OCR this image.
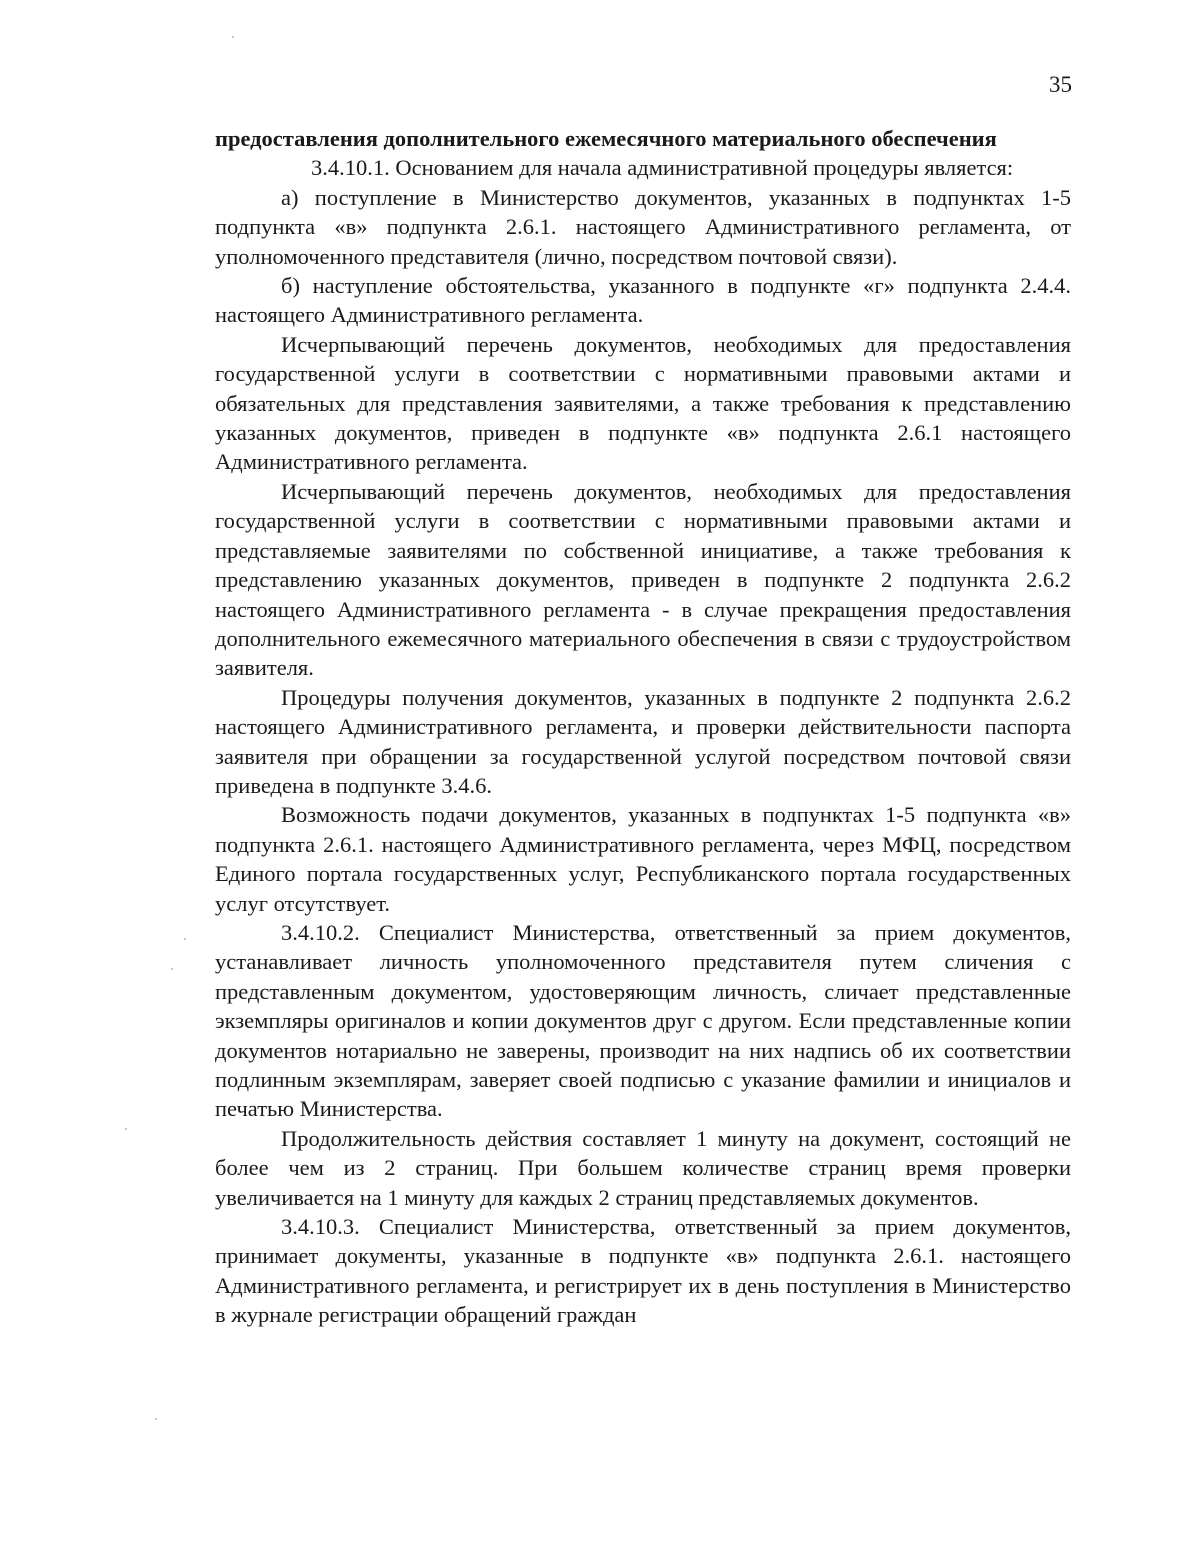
35

предоставления дополнительного ежемесячного материального обеспечения

3.4.10.1. Основанием для начала административной процедуры является:

а) поступление в Министерство документов, указанных в подпунктах 1-5 подпункта «в» подпункта 2.6.1. настоящего Административного регламента, от уполномоченного представителя (лично, посредством почтовой связи).

б) наступление обстоятельства, указанного в подпункте «г» подпункта 2.4.4. настоящего Административного регламента.

Исчерпывающий перечень документов, необходимых для предоставления государственной услуги в соответствии с нормативными правовыми актами и обязательных для представления заявителями, а также требования к представлению указанных документов, приведен в подпункте «в» подпункта 2.6.1 настоящего Административного регламента.

Исчерпывающий перечень документов, необходимых для предоставления государственной услуги в соответствии с нормативными правовыми актами и представляемые заявителями по собственной инициативе, а также требования к представлению указанных документов, приведен в подпункте 2 подпункта 2.6.2 настоящего Административного регламента - в случае прекращения предоставления дополнительного ежемесячного материального обеспечения в связи с трудоустройством заявителя.

Процедуры получения документов, указанных в подпункте 2 подпункта 2.6.2 настоящего Административного регламента, и проверки действительности паспорта заявителя при обращении за государственной услугой посредством почтовой связи приведена в подпункте 3.4.6.

Возможность подачи документов, указанных в подпунктах 1-5 подпункта «в» подпункта 2.6.1. настоящего Административного регламента, через МФЦ, посредством Единого портала государственных услуг, Республиканского портала государственных услуг отсутствует.

3.4.10.2. Специалист Министерства, ответственный за прием документов, устанавливает личность уполномоченного представителя путем сличения с представленным документом, удостоверяющим личность, сличает представленные экземпляры оригиналов и копии документов друг с другом. Если представленные копии документов нотариально не заверены, производит на них надпись об их соответствии подлинным экземплярам, заверяет своей подписью с указание фамилии и инициалов и печатью Министерства.

Продолжительность действия составляет 1 минуту на документ, состоящий не более чем из 2 страниц. При большем количестве страниц время проверки увеличивается на 1 минуту для каждых 2 страниц представляемых документов.

3.4.10.3. Специалист Министерства, ответственный за прием документов, принимает документы, указанные в подпункте «в» подпункта 2.6.1. настоящего Административного регламента, и регистрирует их в день поступления в Министерство в журнале регистрации обращений граждан
